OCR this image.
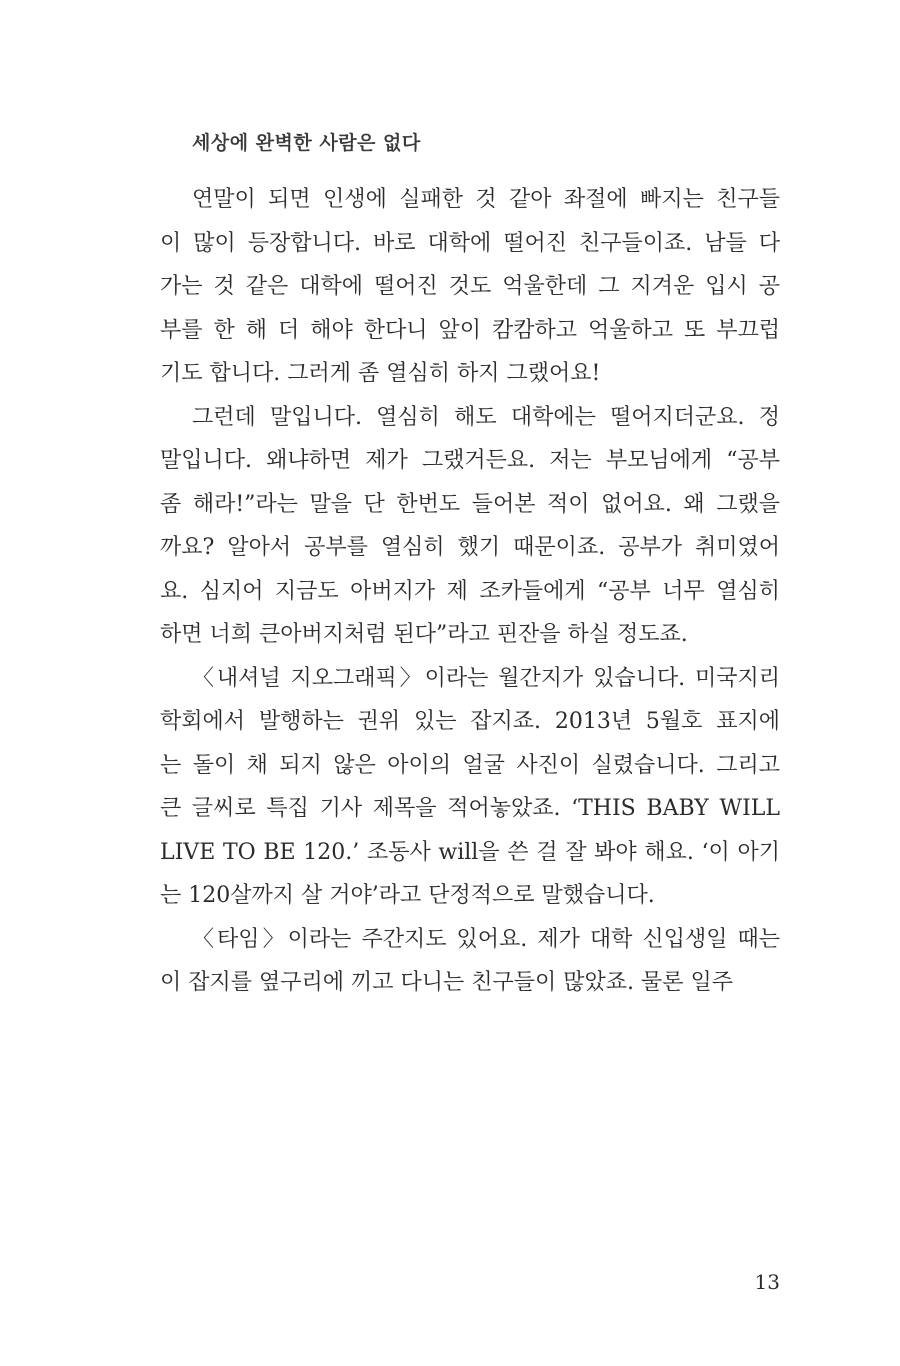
세상에 완벽한 사람은 없다
연말이 되면 인생에 실패한 것 같아 좌절에 빠지는 친구들
이 많이 등장합니다. 바로 대학에 떨어진 친구들이죠. 남들 다
가는 것 같은 대학에 떨어진 것도 억울한데 그 지겨운 입시 공
부를 한 해 더 해야 한다니 앞이 캄캄하고 억울하고 또 부끄럽
기도 합니다. 그러게 좀 열심히 하지 그랬어요!
그런데 말입니다. 열심히 해도 대학에는 떨어지더군요. 정
말입니다. 왜냐하면 제가 그랬거든요. 저는 부모님에게 “공부
좀 해라!”라는 말을 단 한번도 들어본 적이 없어요. 왜 그랬을
까요? 알아서 공부를 열심히 했기 때문이죠. 공부가 취미였어
요. 심지어 지금도 아버지가 제 조카들에게 “공부 너무 열심히
하면 너희 큰아버지처럼 된다”라고 핀잔을 하실 정도죠.
〈내셔널 지오그래픽〉이라는 월간지가 있습니다. 미국지리
학회에서 발행하는 권위 있는 잡지죠. 2013년 5월호 표지에
는 돌이 채 되지 않은 아이의 얼굴 사진이 실렸습니다. 그리고
큰 글씨로 특집 기사 제목을 적어놓았죠. ‘THIS BABY WILL
LIVE TO BE 120.’ 조동사 will을 쓴 걸 잘 봐야 해요. ‘이 아기
는 120살까지 살 거야’라고 단정적으로 말했습니다.
〈타임〉이라는 주간지도 있어요. 제가 대학 신입생일 때는
이 잡지를 옆구리에 끼고 다니는 친구들이 많았죠. 물론 일주
13
